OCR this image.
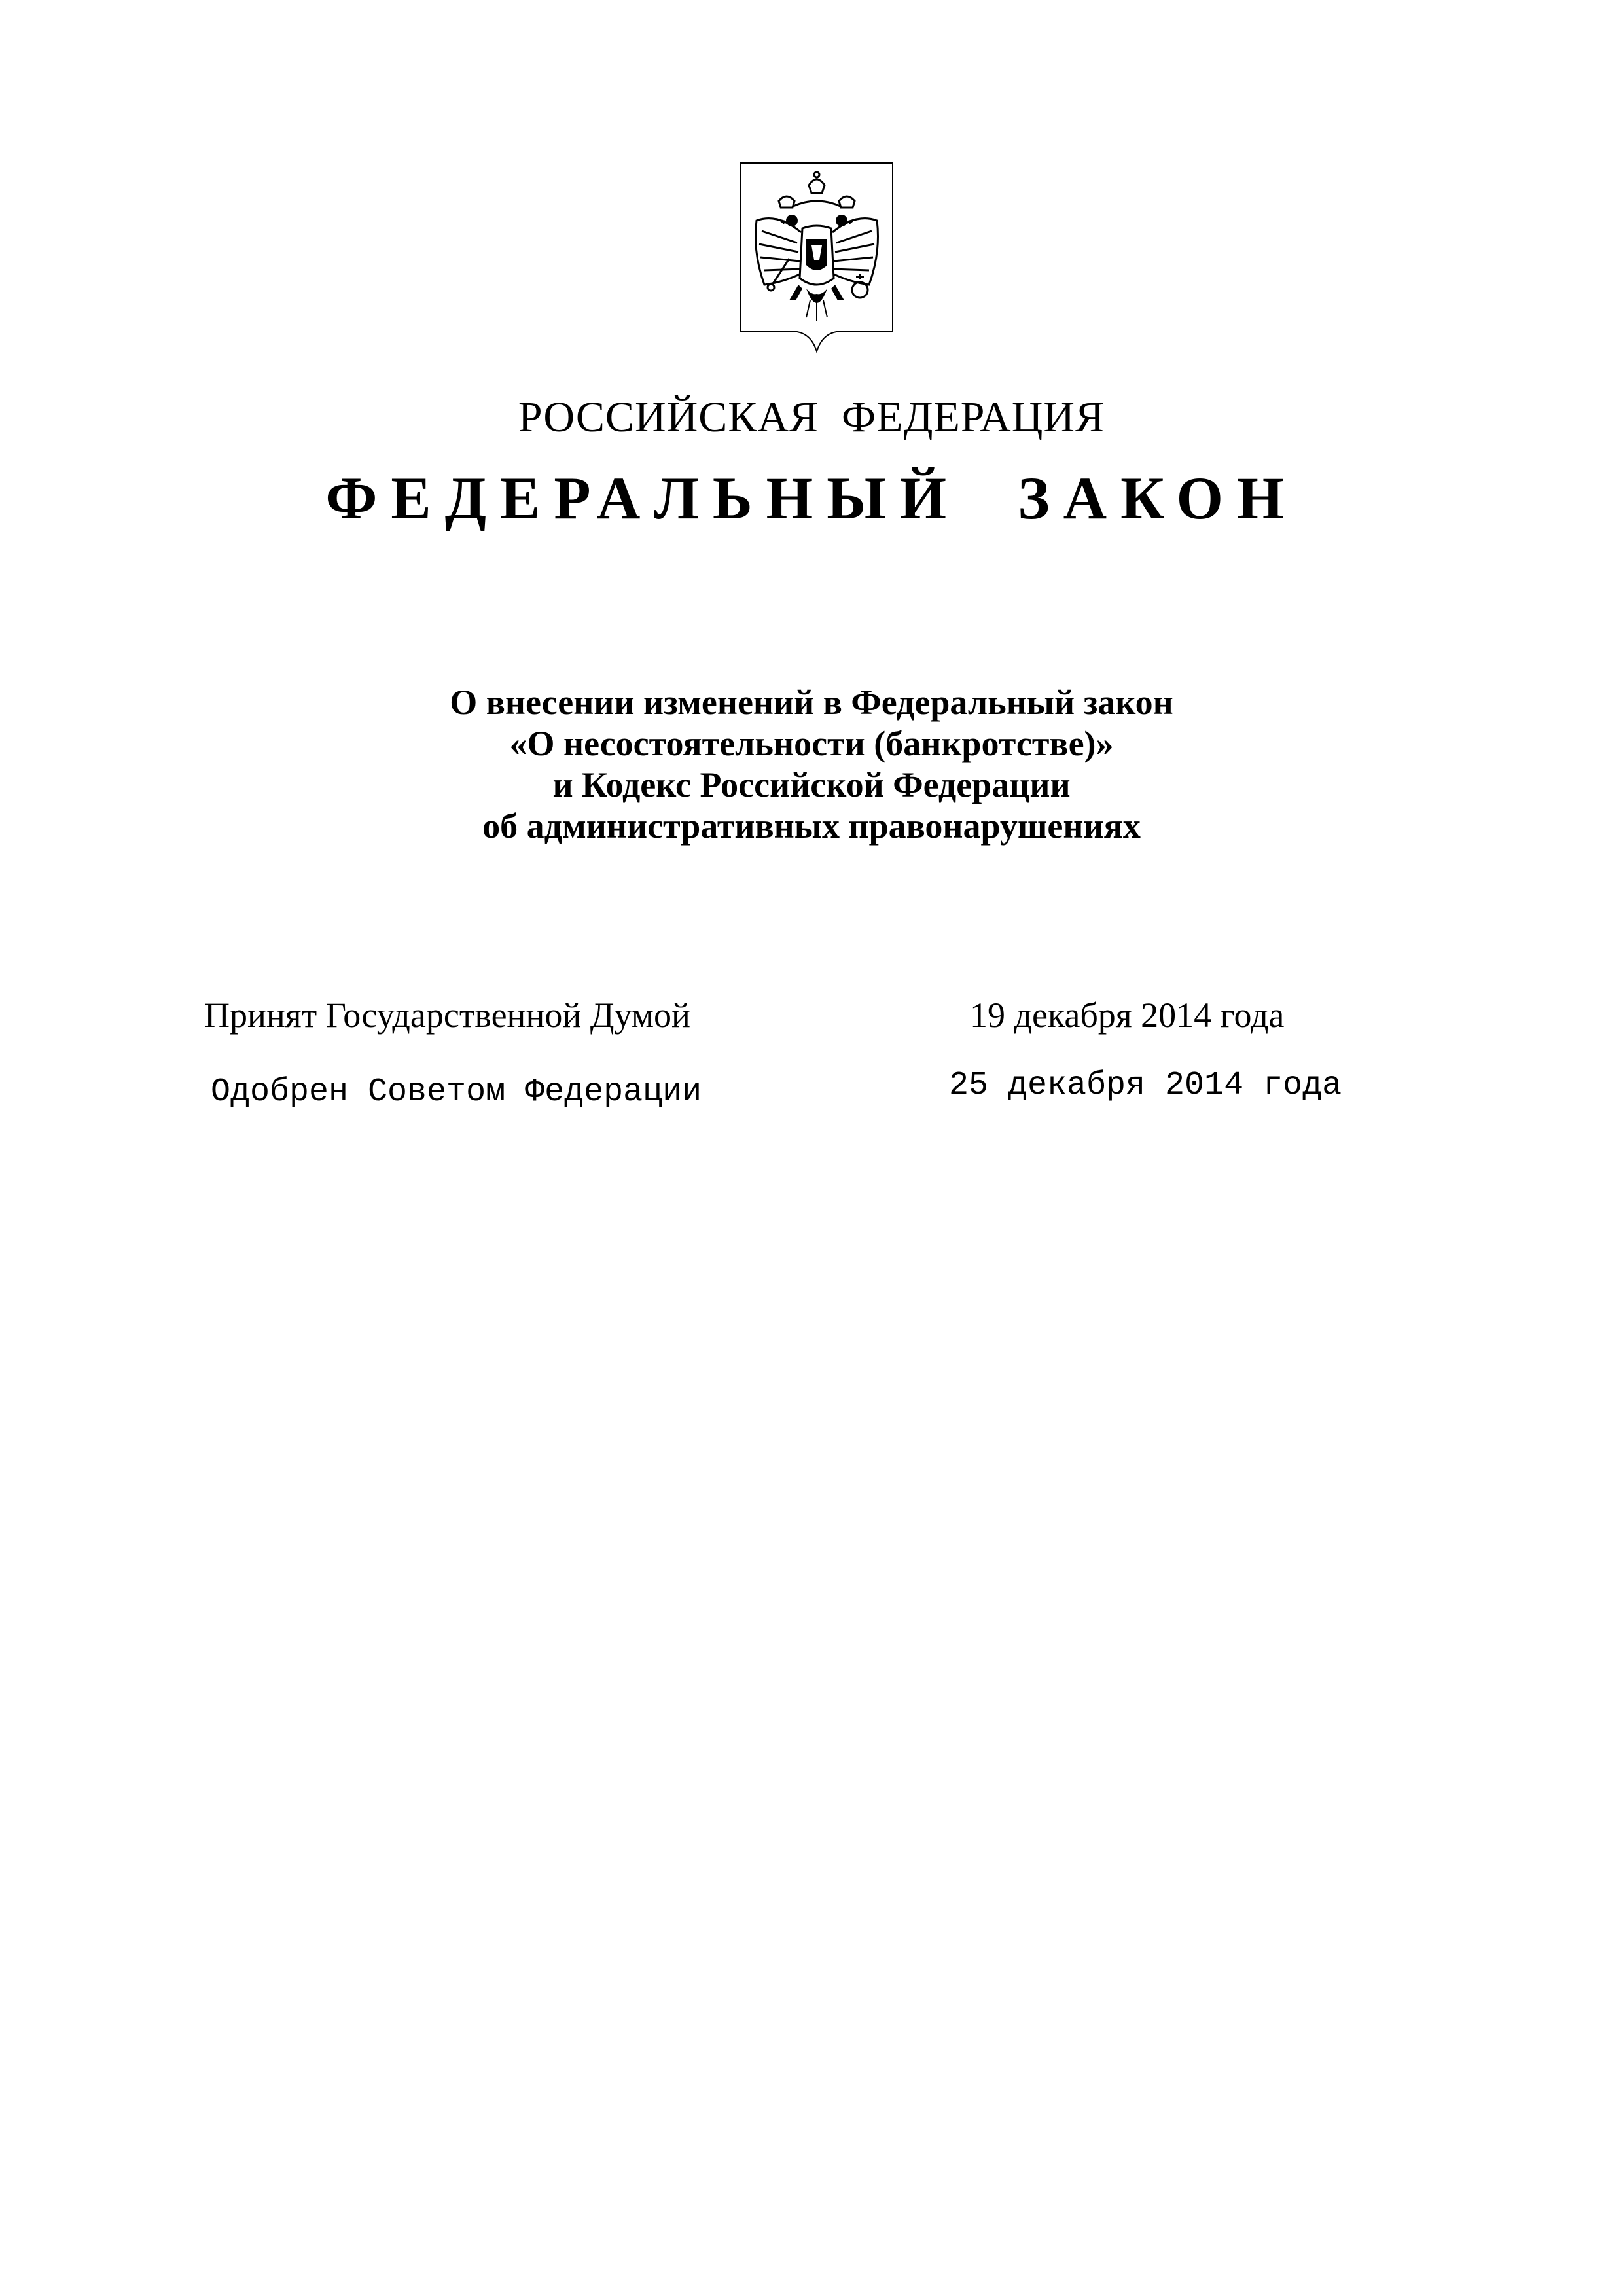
РОССИЙСКАЯ  ФЕДЕРАЦИЯ
ФЕДЕРАЛЬНЫЙ  ЗАКОН
О внесении изменений в Федеральный закон
«О несостоятельности (банкротстве)»
и Кодекс Российской Федерации
об административных правонарушениях
Принят Государственной Думой	19 декабря 2014 года
Одобрен Советом Федерации	25 декабря 2014 года
